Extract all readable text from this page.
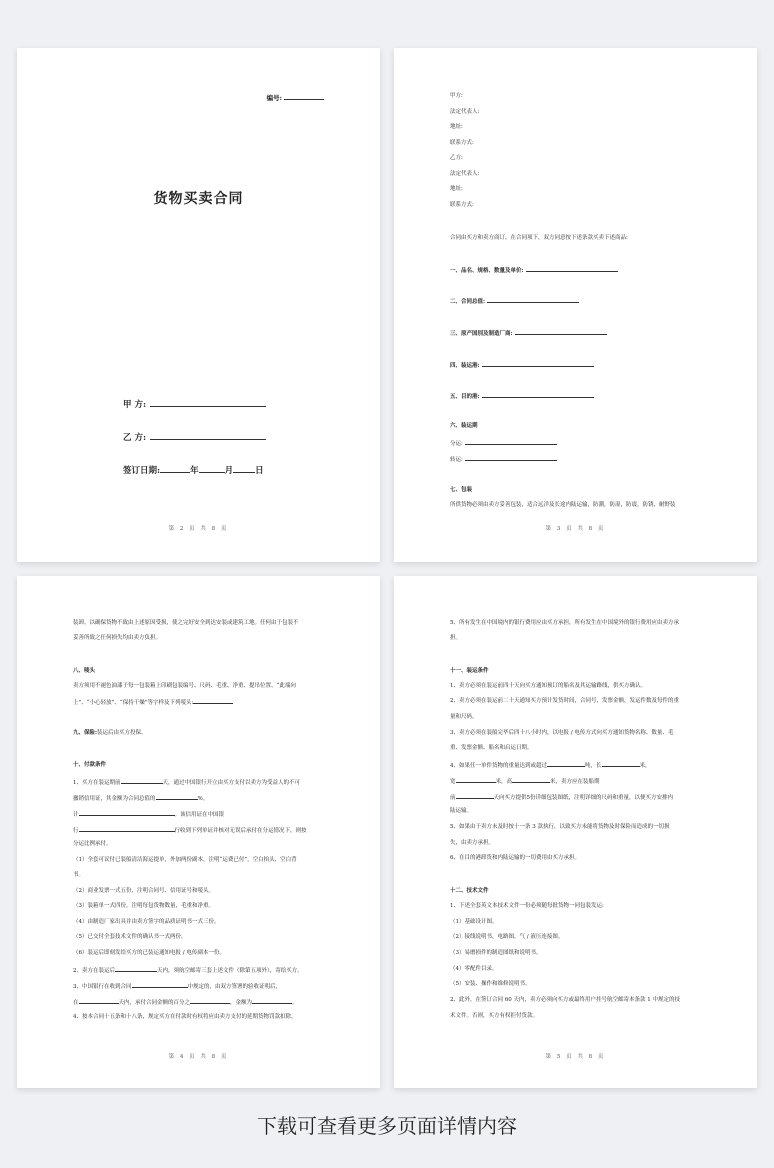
编号:
货物买卖合同
甲 方:
乙 方:
签订日期:	年	月	日
第 2 页 共 8 页
甲方:
法定代表人:
地址:
联系方式:
乙方:
法定代表人:
地址:
联系方式:
合同由买方和卖方商订，在合同项下，双方同意按下述条款买卖下述商品:
一、品名、规格、数量及单价:
二、合同总值:
三、原产国别及制造厂商:
四、装运港:
五、目的港:
六、装运期
分运:
转运:
七、包装
所供货物必须由卖方妥善包装，适合远洋及长途内陆运输，防潮，防湿，防震，防锈，耐野装
第 3 页 共 8 页
装卸。以确保货物不致由上述原因受损，使之完好安全到达安装或建筑工地。任何由于包装不
妥善所致之任何损失均由卖方负担。
八、唛头
卖方须用不褪色油漆于每一包装箱上印刷包装编号、尺码、毛重、净重、提吊位置、“此端向
上”、“小心轻放”、“保持干燥”等字样及下列唛头:
九、保险:装运后由买方投保。
十、付款条件
1、买方在装运期前	天，通过中国银行开立由买方支付以卖方为受益人的不可
撤销信用证，其金额为合同总值的	%。
计	。该信用证在中国银
行	行收到下列单证并核对无误后承付在分运情况下，则按
分运比例承付。
（1）全套可议付已装船清洁海运提单，外加两份副本，注明“运费已付”，空白抬头，空白背
书。
（2）商业发票一式五份，注明合同号、信用证号和唛头。
（3）装箱单一式四份，注明每包货物数量，毛重和净重。
（4）由制造厂家出具并由卖方签字的品质证明书一式三份。
（5）已交付全套技术文件的确认书一式两份。
（6）装运后即刻发给买方的已装运通知电报 / 电传副本一份。
2、卖方在装运后	天内，须航空邮寄三套上述文件（除第五项外），寄给买方。
3、中国银行在收到合同	中规定的，由双方签署的验收证明后，
在	天内，承付合同金额的百分之	，金额为	。
4、按本合同十五条和十八条，规定买方在付款时有权将应由卖方支付的延期货物罚款扣除。
第 4 页 共 8 页
5、所有发生在中国境内的银行费用应由买方承担，所有发生在中国境外的银行费用应由卖方承
担。
十一、装运条件
1、卖方必须在装运前四十天向买方通知预订的船名及其运输路线，供买方确认。
2、卖方必须在装运前二十天通知买方预计发货时间，合同号，发票金额，发运件数及每件的重
量和尺码。
3、卖方必须在装船完毕后四十八小时内，以电报 / 电传方式向买方通知货物名称、数量、毛
重、发票金额、船名和启运日期。
4、如果任一单件货物的重量达到或超过	吨，长	米，
宽	米，高	米，卖方应在装船期
前	天向买方提供5份详细包装图纸，注明详细的尺码和重量，以便买方安排内
陆运输。
5、如果由于卖方未及时按十一条 3 款执行，以致买方未能将货物及时保险而造成的一切损
失，由卖方承担。
6、在目的港卸货和内陆运输的一切费用由买方承担。
十二、技术文件
1、下述全套英文本技术文件一份必须随每批货物一同包装发运:
（1）基础设计图。
（2）接线说明书，电路图，气 / 液压连接图。
（3）易磨损件的制造图纸和说明书。
（4）零配件目录。
（5）安装、操作和维修说明书。
2、此外，在签订合同 60 天内，卖方必须向买方或最终用户挂号航空邮寄本条款 1 中规定的技
术文件。否则，买方有权拒付货款。
第 5 页 共 8 页
下载可查看更多页面详情内容
